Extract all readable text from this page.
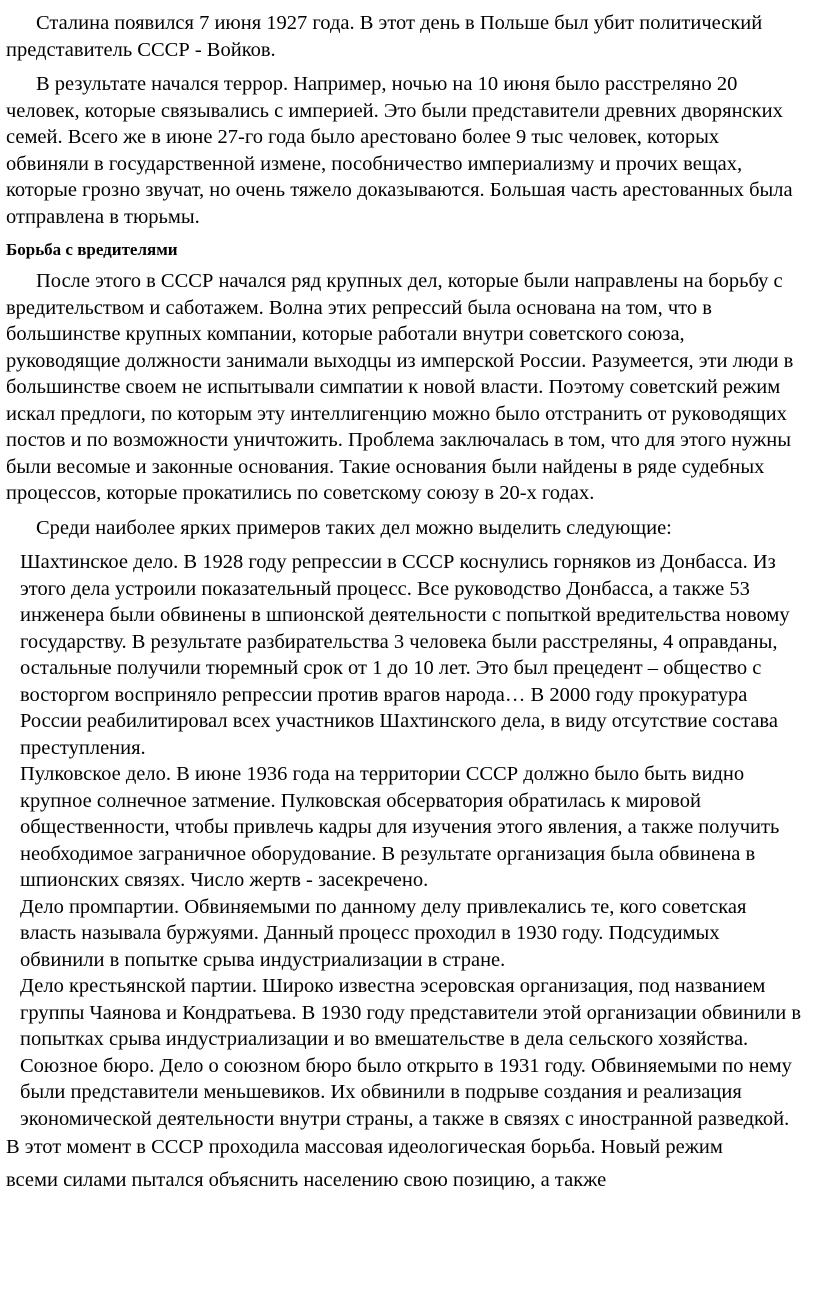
Сталина появился 7 июня 1927 года. В этот день в Польше был убит политический представитель СССР - Войков.

В результате начался террор. Например, ночью на 10 июня было расстреляно 20 человек, которые связывались с империей. Это были представители древних дворянских семей. Всего же в июне 27-го года было арестовано более 9 тыс человек, которых обвиняли в государственной измене, пособничество империализму и прочих вещах, которые грозно звучат, но очень тяжело доказываются. Большая часть арестованных была отправлена в тюрьмы.

Борьба с вредителями

После этого в СССР начался ряд крупных дел, которые были направлены на борьбу с вредительством и саботажем. Волна этих репрессий была основана на том, что в большинстве крупных компании, которые работали внутри советского союза, руководящие должности занимали выходцы из имперской России. Разумеется, эти люди в большинстве своем не испытывали симпатии к новой власти. Поэтому советский режим искал предлоги, по которым эту интеллигенцию можно было отстранить от руководящих постов и по возможности уничтожить. Проблема заключалась в том, что для этого нужны были весомые и законные основания. Такие основания были найдены в ряде судебных процессов, которые прокатились по советскому союзу в 20-х годах.

Среди наиболее ярких примеров таких дел можно выделить следующие:

Шахтинское дело. В 1928 году репрессии в СССР коснулись горняков из Донбасса. Из этого дела устроили показательный процесс. Все руководство Донбасса, а также 53 инженера были обвинены в шпионской деятельности с попыткой вредительства новому государству. В результате разбирательства 3 человека были расстреляны, 4 оправданы, остальные получили тюремный срок от 1 до 10 лет. Это был прецедент – общество с восторгом восприняло репрессии против врагов народа… В 2000 году прокуратура России реабилитировал всех участников Шахтинского дела, в виду отсутствие состава преступления.

Пулковское дело. В июне 1936 года на территории СССР должно было быть видно крупное солнечное затмение. Пулковская обсерватория обратилась к мировой общественности, чтобы привлечь кадры для изучения этого явления, а также получить необходимое заграничное оборудование. В результате организация была обвинена в шпионских связях. Число жертв - засекречено.

Дело промпартии. Обвиняемыми по данному делу привлекались те, кого советская власть называла буржуями. Данный процесс проходил в 1930 году. Подсудимых обвинили в попытке срыва индустриализации в стране.

Дело крестьянской партии. Широко известна эсеровская организация, под названием группы Чаянова и Кондратьева. В 1930 году представители этой организации обвинили в попытках срыва индустриализации и во вмешательстве в дела сельского хозяйства.

Союзное бюро. Дело о союзном бюро было открыто в 1931 году. Обвиняемыми по нему были представители меньшевиков. Их обвинили в подрыве создания и реализация экономической деятельности внутри страны, а также в связях с иностранной разведкой.

В этот момент в СССР проходила массовая идеологическая борьба. Новый режим
всеми силами пытался объяснить населению свою позицию, а также
